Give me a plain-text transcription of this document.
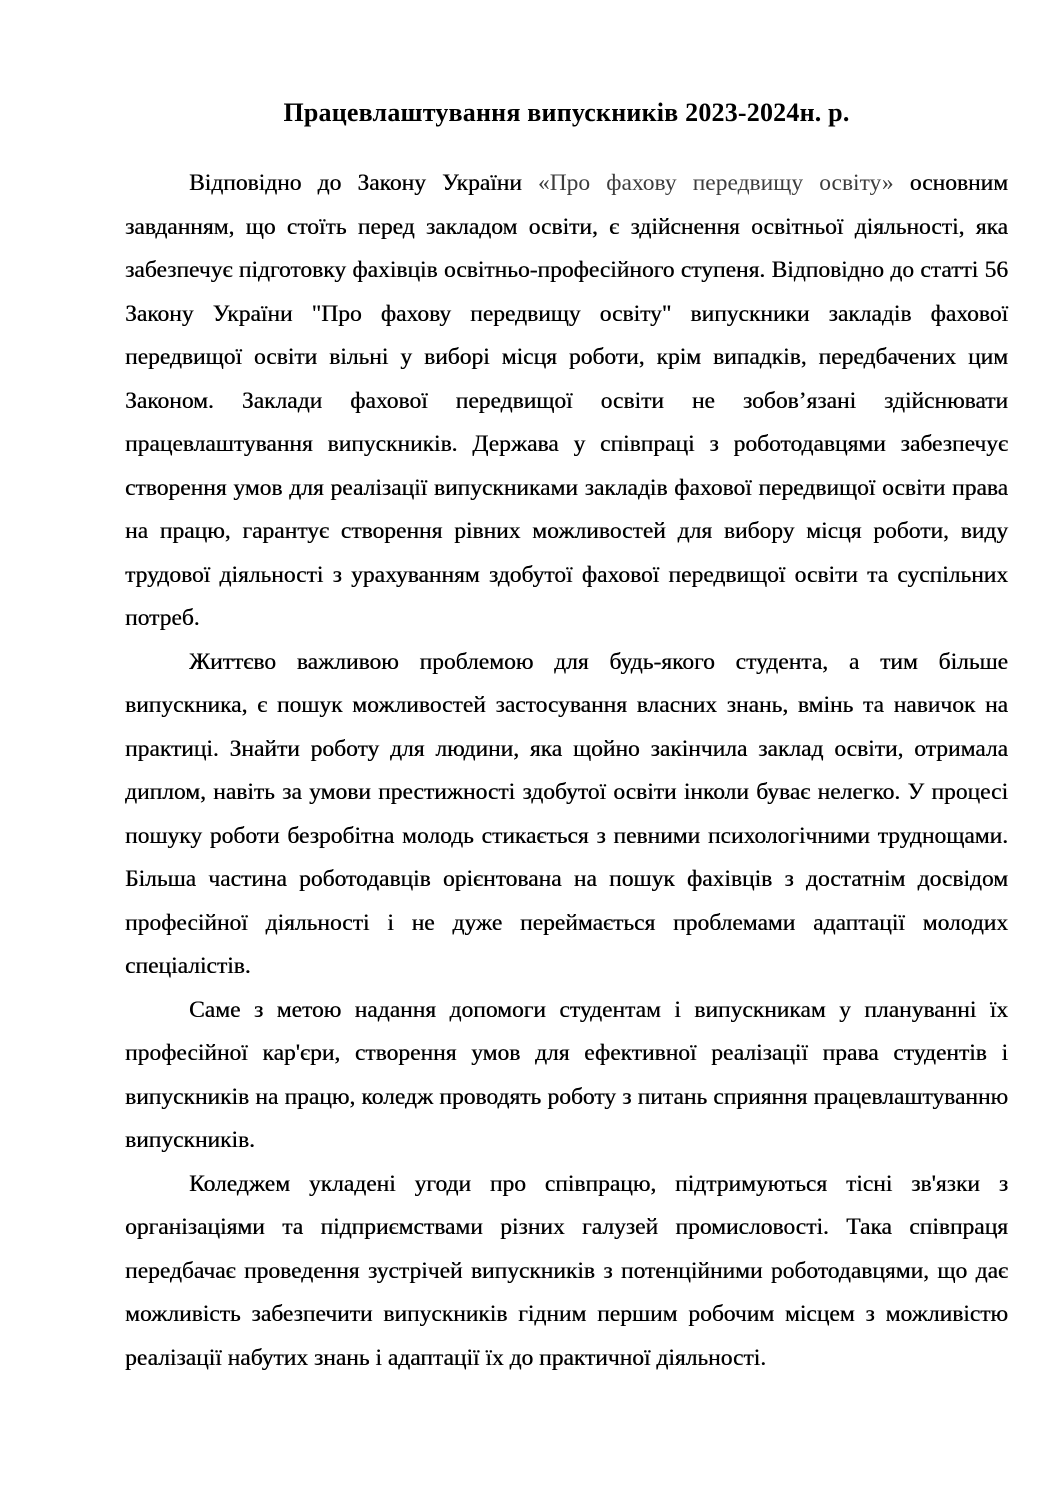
Працевлаштування випускників 2023-2024н. р.

Відповідно до Закону України «Про фахову передвищу освіту» основним завданням, що стоїть перед закладом освіти, є здійснення освітньої діяльності, яка забезпечує підготовку фахівців освітньо-професійного ступеня. Відповідно до статті 56 Закону України "Про фахову передвищу освіту" випускники закладів фахової передвищої освіти вільні у виборі місця роботи, крім випадків, передбачених цим Законом. Заклади фахової передвищої освіти не зобов’язані здійснювати працевлаштування випускників. Держава у співпраці з роботодавцями забезпечує створення умов для реалізації випускниками закладів фахової передвищої освіти права на працю, гарантує створення рівних можливостей для вибору місця роботи, виду трудової діяльності з урахуванням здобутої фахової передвищої освіти та суспільних потреб.

Життєво важливою проблемою для будь-якого студента, а тим більше випускника, є пошук можливостей застосування власних знань, вмінь та навичок на практиці. Знайти роботу для людини, яка щойно закінчила заклад освіти, отримала диплом, навіть за умови престижності здобутої освіти інколи буває нелегко. У процесі пошуку роботи безробітна молодь стикається з певними психологічними труднощами. Більша частина роботодавців орієнтована на пошук фахівців з достатнім досвідом професійної діяльності і не дуже переймається проблемами адаптації молодих спеціалістів.

Саме з метою надання допомоги студентам і випускникам у плануванні їх професійної кар'єри, створення умов для ефективної реалізації права студентів і випускників на працю, коледж проводять роботу з питань сприяння працевлаштуванню випускників.

Коледжем укладені угоди про співпрацю, підтримуються тісні зв'язки з організаціями та підприємствами різних галузей промисловості. Така співпраця передбачає проведення зустрічей випускників з потенційними роботодавцями, що дає можливість забезпечити випускників гідним першим робочим місцем з можливістю реалізації набутих знань і адаптації їх до практичної діяльності.
